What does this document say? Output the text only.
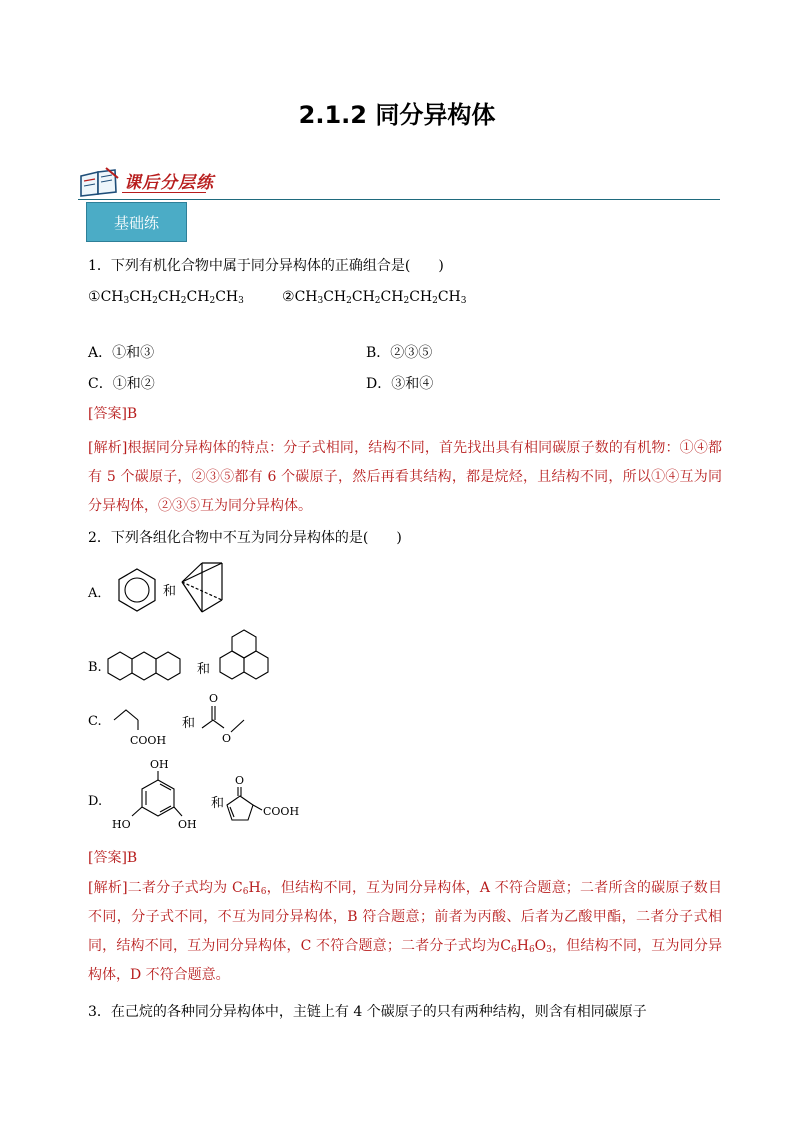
2.1.2 同分异构体
课后分层练
基础练
1．下列有机化合物中属于同分异构体的正确组合是(　　)
$①CH_3CH_2CH_2CH_2CH_3$	$②CH_3CH_2CH_2CH_2CH_2CH_3$
A．①和③	B．②③⑤
C．①和②	D．③和④
[答案]B
[解析]根据同分异构体的特点：分子式相同，结构不同，首先找出具有相同碳原子数的有机物：①④都有 5 个碳原子，②③⑤都有 6 个碳原子，然后再看其结构，都是烷烃，且结构不同，所以①④互为同分异构体，②③⑤互为同分异构体。
2．下列各组化合物中不互为同分异构体的是(　　)
A．	和
B.	和
C.
COOH
和
O
O
D.
OH
HO	OH
和
O
COOH
[答案]B
[解析]二者分子式均为 $C_6H_6$，但结构不同，互为同分异构体，A 不符合题意；二者所含的碳原子数目不同，分子式不同，不互为同分异构体，B 符合题意；前者为丙酸、后者为乙酸甲酯，二者分子式相同，结构不同，互为同分异构体，C 不符合题意；二者分子式均为$C_6H_6O_3$，但结构不同，互为同分异构体，D 不符合题意。
3．在己烷的各种同分异构体中，主链上有 4 个碳原子的只有两种结构，则含有相同碳原子
